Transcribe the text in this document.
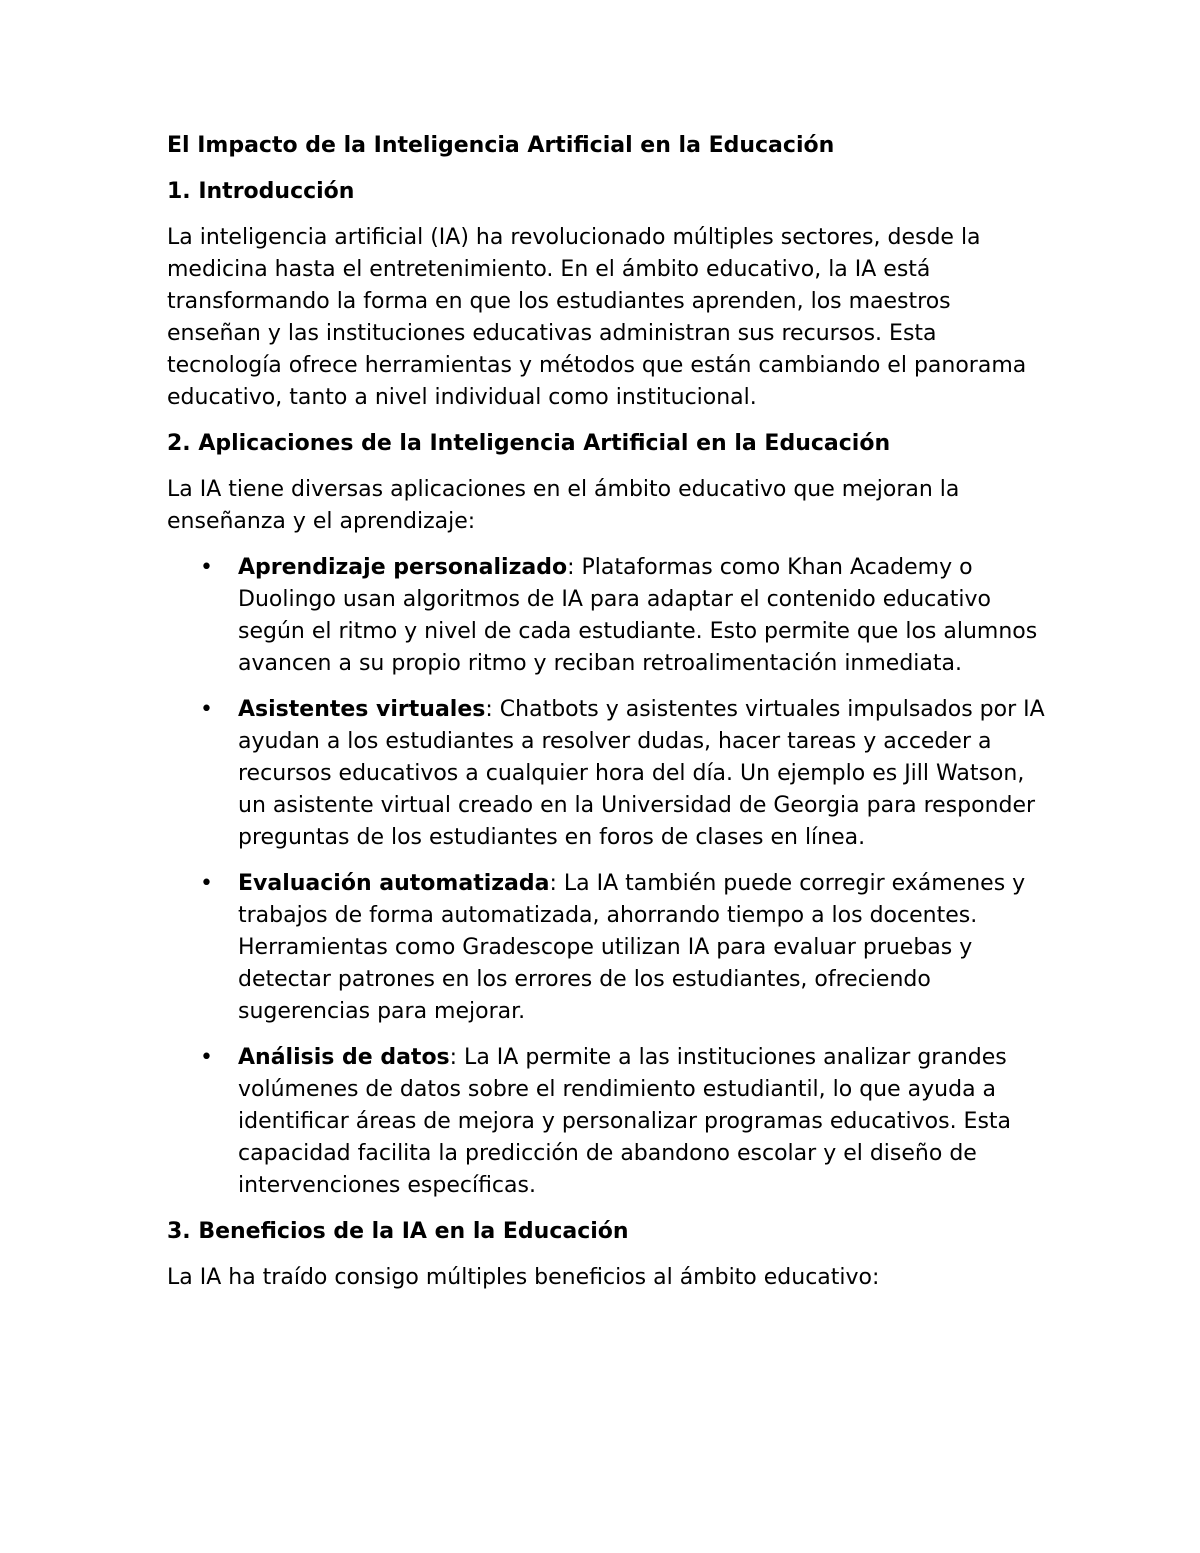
El Impacto de la Inteligencia Artificial en la Educación
1. Introducción

La inteligencia artificial (IA) ha revolucionado múltiples sectores, desde la medicina hasta el entretenimiento. En el ámbito educativo, la IA está transformando la forma en que los estudiantes aprenden, los maestros enseñan y las instituciones educativas administran sus recursos. Esta tecnología ofrece herramientas y métodos que están cambiando el panorama educativo, tanto a nivel individual como institucional.

2. Aplicaciones de la Inteligencia Artificial en la Educación

La IA tiene diversas aplicaciones en el ámbito educativo que mejoran la enseñanza y el aprendizaje:

• Aprendizaje personalizado: Plataformas como Khan Academy o Duolingo usan algoritmos de IA para adaptar el contenido educativo según el ritmo y nivel de cada estudiante. Esto permite que los alumnos avancen a su propio ritmo y reciban retroalimentación inmediata.
• Asistentes virtuales: Chatbots y asistentes virtuales impulsados por IA ayudan a los estudiantes a resolver dudas, hacer tareas y acceder a recursos educativos a cualquier hora del día. Un ejemplo es Jill Watson, un asistente virtual creado en la Universidad de Georgia para responder preguntas de los estudiantes en foros de clases en línea.
• Evaluación automatizada: La IA también puede corregir exámenes y trabajos de forma automatizada, ahorrando tiempo a los docentes. Herramientas como Gradescope utilizan IA para evaluar pruebas y detectar patrones en los errores de los estudiantes, ofreciendo sugerencias para mejorar.
• Análisis de datos: La IA permite a las instituciones analizar grandes volúmenes de datos sobre el rendimiento estudiantil, lo que ayuda a identificar áreas de mejora y personalizar programas educativos. Esta capacidad facilita la predicción de abandono escolar y el diseño de intervenciones específicas.
3. Beneficios de la IA en la Educación

La IA ha traído consigo múltiples beneficios al ámbito educativo:
